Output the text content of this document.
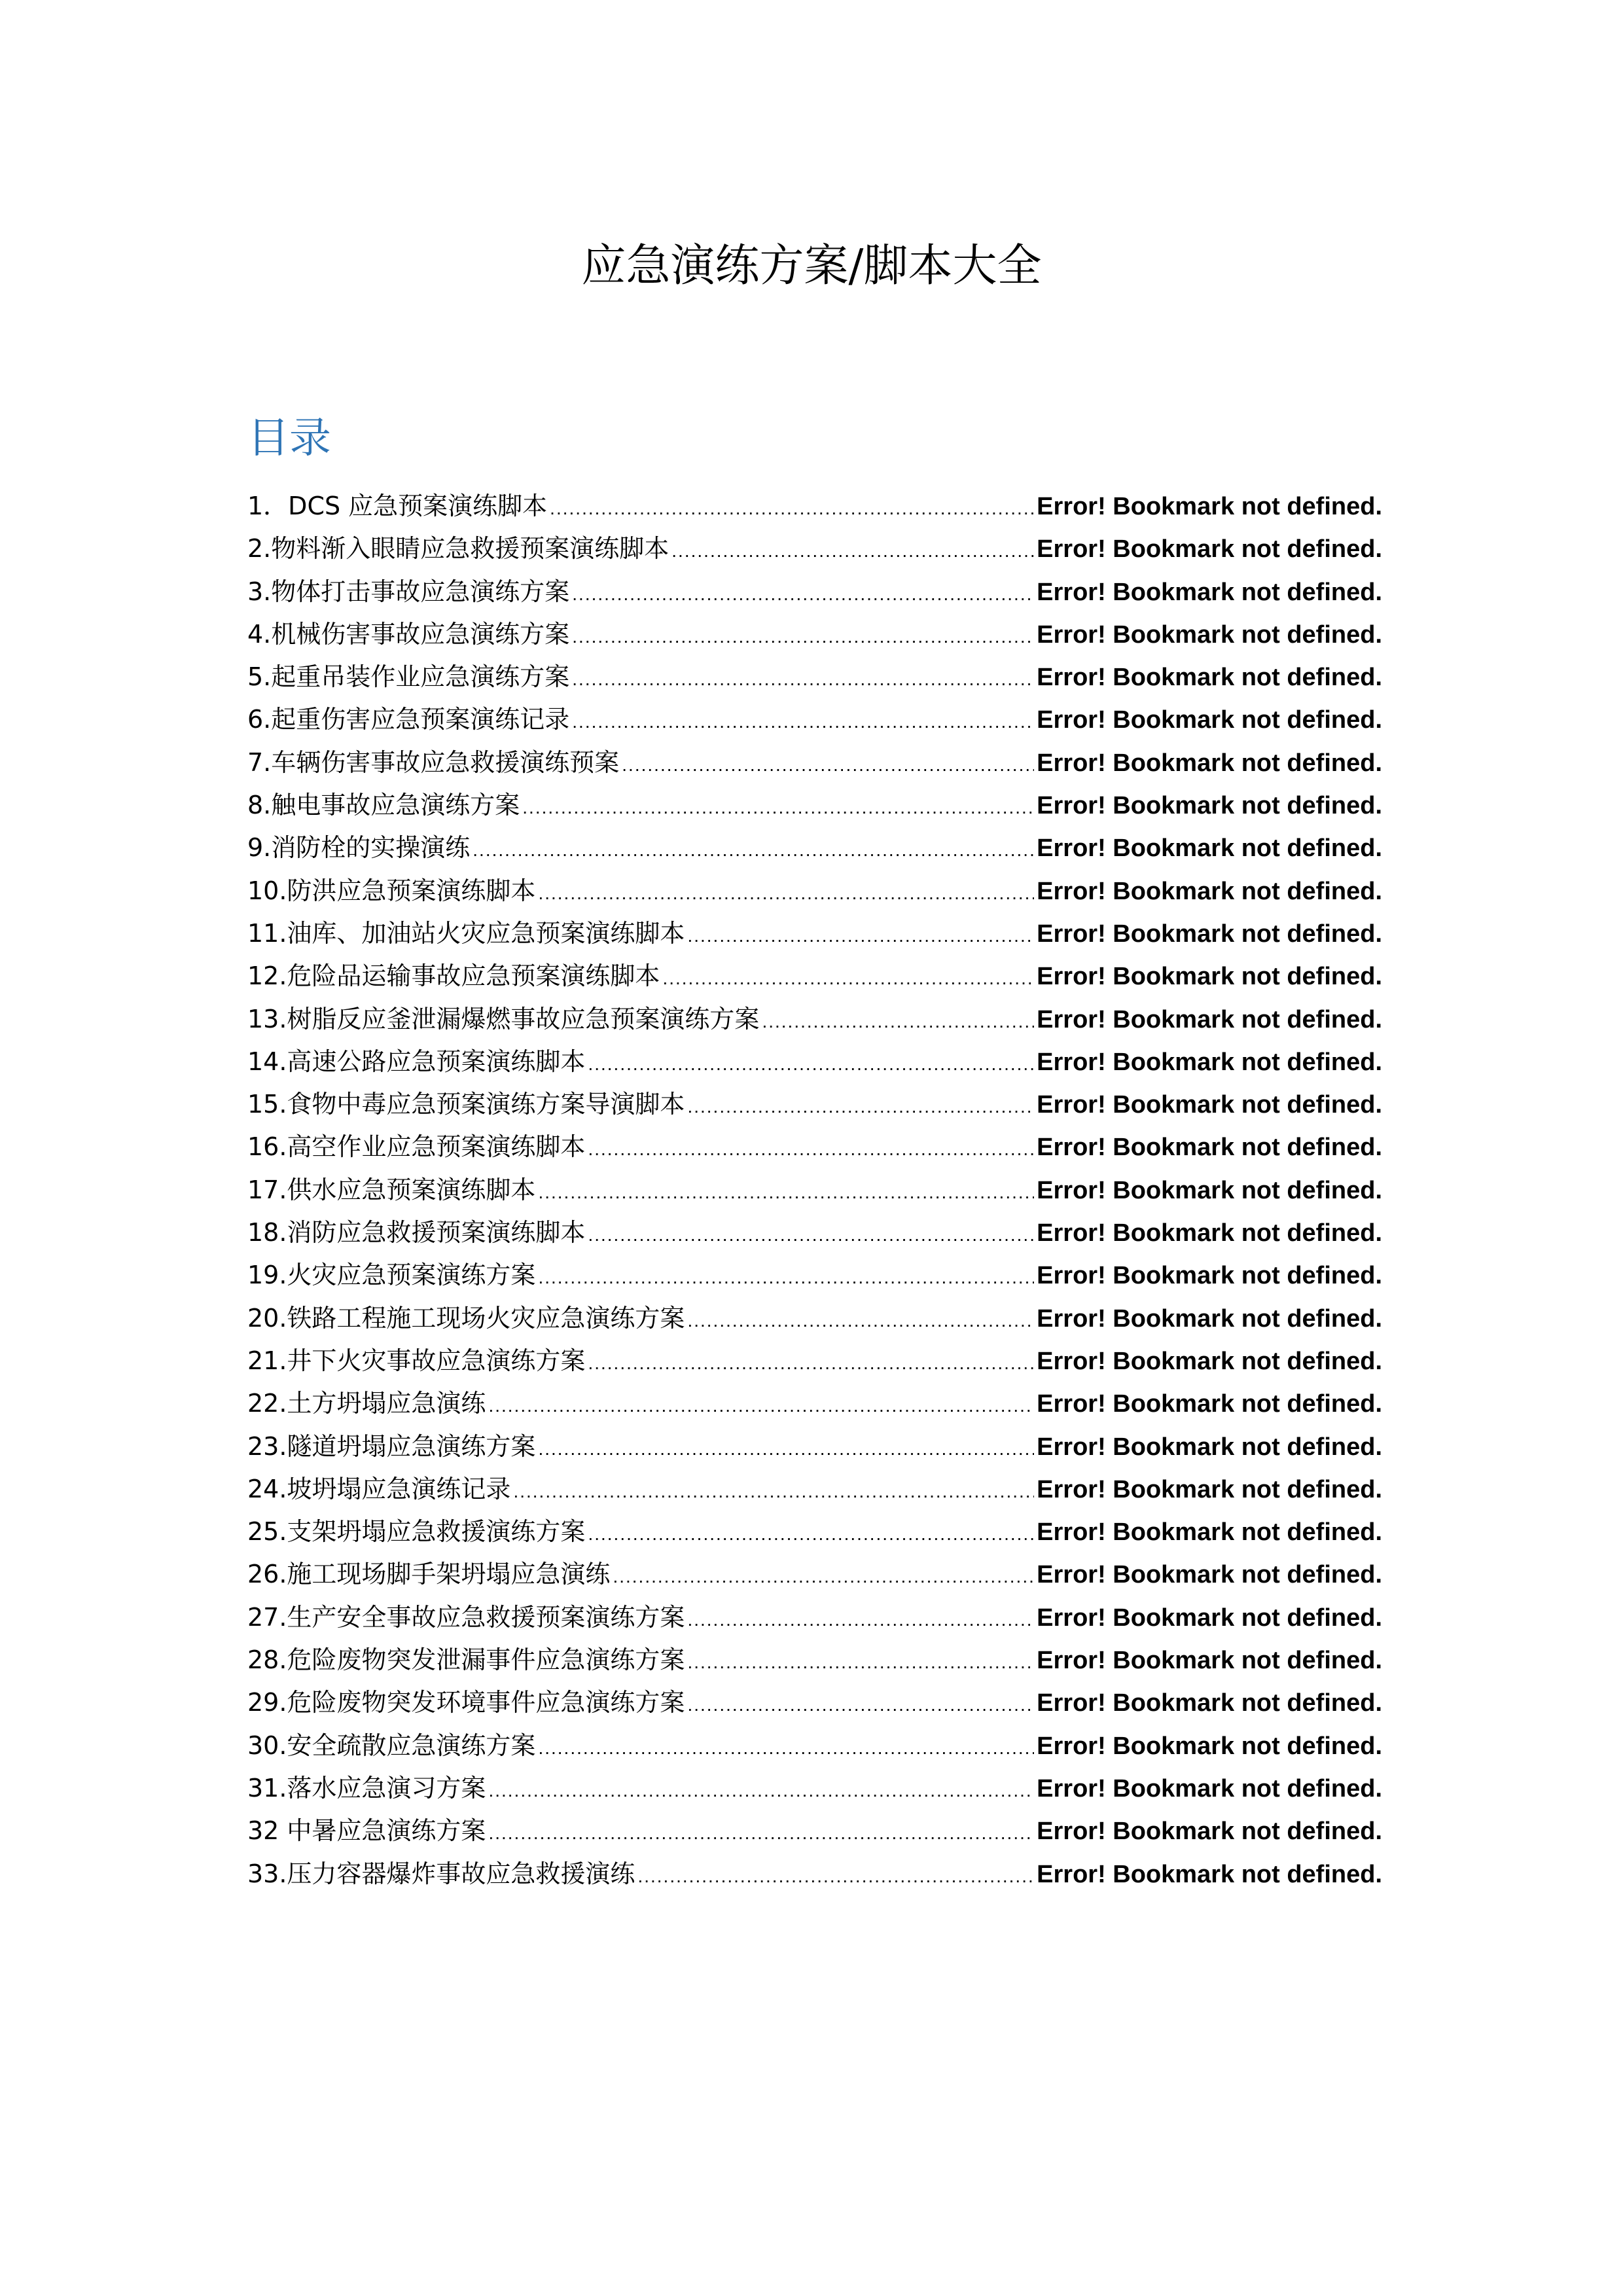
应急演练方案/脚本大全
目录
1．DCS 应急预案演练脚本 .....	Error! Bookmark not defined.
2.物料渐入眼睛应急救援预案演练脚本 .....	Error! Bookmark not defined.
3.物体打击事故应急演练方案 .....	Error! Bookmark not defined.
4.机械伤害事故应急演练方案 .....	Error! Bookmark not defined.
5.起重吊装作业应急演练方案 .....	Error! Bookmark not defined.
6.起重伤害应急预案演练记录 .....	Error! Bookmark not defined.
7.车辆伤害事故应急救援演练预案 .....	Error! Bookmark not defined.
8.触电事故应急演练方案 .....	Error! Bookmark not defined.
9.消防栓的实操演练 .....	Error! Bookmark not defined.
10.防洪应急预案演练脚本 .....	Error! Bookmark not defined.
11.油库、加油站火灾应急预案演练脚本 .....	Error! Bookmark not defined.
12.危险品运输事故应急预案演练脚本 .....	Error! Bookmark not defined.
13.树脂反应釜泄漏爆燃事故应急预案演练方案 .....	Error! Bookmark not defined.
14.高速公路应急预案演练脚本 .....	Error! Bookmark not defined.
15.食物中毒应急预案演练方案导演脚本 .....	Error! Bookmark not defined.
16.高空作业应急预案演练脚本 .....	Error! Bookmark not defined.
17.供水应急预案演练脚本 .....	Error! Bookmark not defined.
18.消防应急救援预案演练脚本 .....	Error! Bookmark not defined.
19.火灾应急预案演练方案 .....	Error! Bookmark not defined.
20.铁路工程施工现场火灾应急演练方案 .....	Error! Bookmark not defined.
21.井下火灾事故应急演练方案 .....	Error! Bookmark not defined.
22.土方坍塌应急演练 .....	Error! Bookmark not defined.
23.隧道坍塌应急演练方案 .....	Error! Bookmark not defined.
24.坡坍塌应急演练记录 .....	Error! Bookmark not defined.
25.支架坍塌应急救援演练方案 .....	Error! Bookmark not defined.
26.施工现场脚手架坍塌应急演练 .....	Error! Bookmark not defined.
27.生产安全事故应急救援预案演练方案 .....	Error! Bookmark not defined.
28.危险废物突发泄漏事件应急演练方案 .....	Error! Bookmark not defined.
29.危险废物突发环境事件应急演练方案 .....	Error! Bookmark not defined.
30.安全疏散应急演练方案 .....	Error! Bookmark not defined.
31.落水应急演习方案 .....	Error! Bookmark not defined.
32 中暑应急演练方案 .....	Error! Bookmark not defined.
33.压力容器爆炸事故应急救援演练 .....	Error! Bookmark not defined.
